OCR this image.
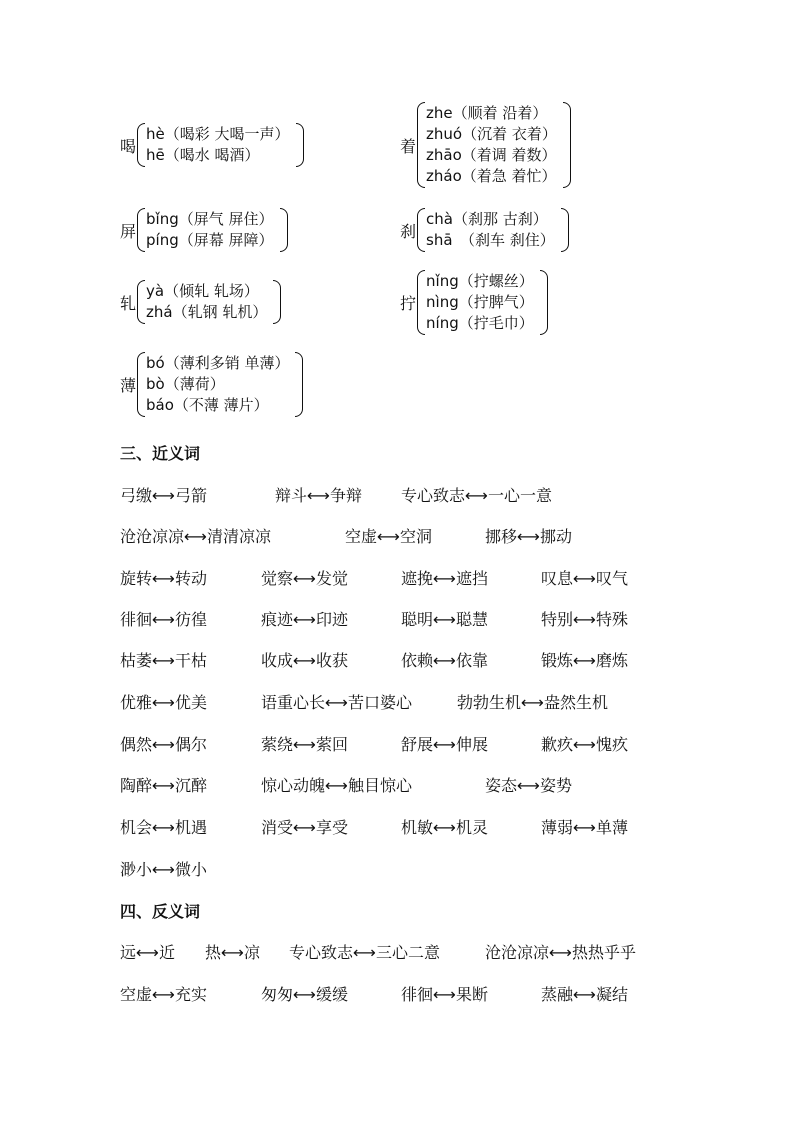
喝
hè（喝彩 大喝一声）
hē（喝水 喝酒）	着
zhe（顺着 沿着）
zhuó（沉着 衣着）
zhāo（着调 着数）
zháo（着急 着忙）
屏
bǐng（屏气 屏住）
píng（屏幕 屏障）	刹
chà（刹那 古刹）
shā　（刹车 刹住）
轧
yà（倾轧 轧场）
zhá（轧钢 轧机）	拧
nǐng（拧螺丝）
nìng（拧脾气）
níng（拧毛巾）
薄
bó（薄利多销 单薄）
bò（薄荷）
báo（不薄 薄片）
三、近义词
弓缴⟷弓箭	辩斗⟷争辩 专心致志⟷一心一意
沧沧凉凉⟷清清凉凉	空虚⟷空洞	挪移⟷挪动
旋转⟷转动	觉察⟷发觉	遮挽⟷遮挡	叹息⟷叹气
徘徊⟷彷徨	痕迹⟷印迹	聪明⟷聪慧	特别⟷特殊
枯萎⟷干枯	收成⟷收获	依赖⟷依靠	锻炼⟷磨炼
优雅⟷优美	语重心长⟷苦口婆心	勃勃生机⟷盎然生机
偶然⟷偶尔	萦绕⟷萦回	舒展⟷伸展	歉疚⟷愧疚
陶醉⟷沉醉	惊心动魄⟷触目惊心	姿态⟷姿势
机会⟷机遇	消受⟷享受	机敏⟷机灵	薄弱⟷单薄
渺小⟷微小
四、反义词
远⟷近 热⟷凉 专心致志⟷三心二意	沧沧凉凉⟷热热乎乎
空虚⟷充实	匆匆⟷缓缓	徘徊⟷果断	蒸融⟷凝结
